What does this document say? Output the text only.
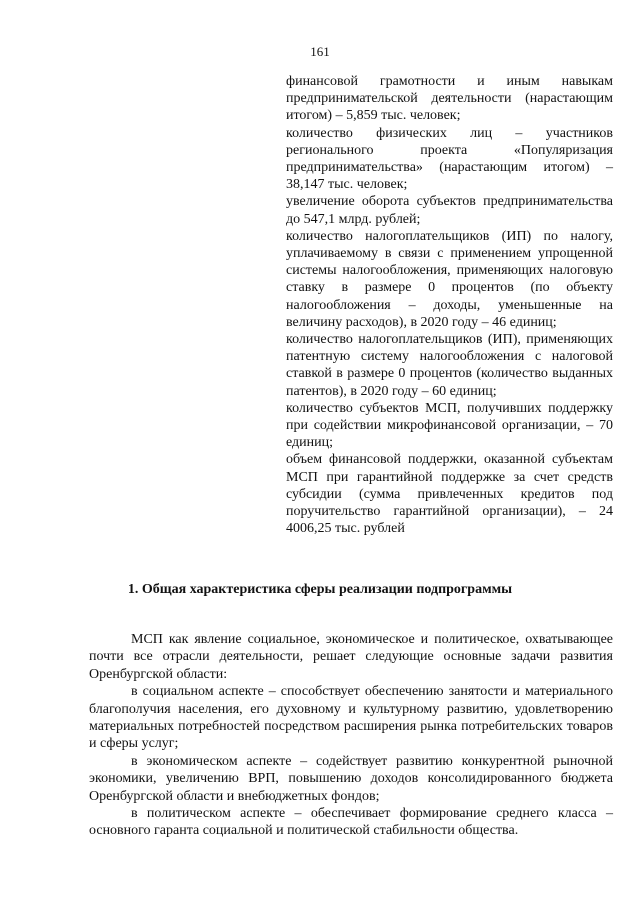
161

финансовой грамотности и иным навыкам предпринимательской деятельности (нарастающим итогом) – 5,859 тыс. человек;

количество физических лиц – участников регионального проекта «Популяризация предпринимательства» (нарастающим итогом) – 38,147 тыс. человек;

увеличение оборота субъектов предпринимательства до 547,1 млрд. рублей;

количество налогоплательщиков (ИП) по налогу, уплачиваемому в связи с применением упрощенной системы налогообложения, применяющих налоговую ставку в размере 0 процентов (по объекту налогообложения – доходы, уменьшенные на величину расходов), в 2020 году – 46 единиц;

количество налогоплательщиков (ИП), применяющих патентную систему налогообложения с налоговой ставкой в размере 0 процентов (количество выданных патентов), в 2020 году – 60 единиц;

количество субъектов МСП, получивших поддержку при содействии микрофинансовой организации, – 70 единиц;

объем финансовой поддержки, оказанной субъектам МСП при гарантийной поддержке за счет средств субсидии (сумма привлеченных кредитов под поручительство гарантийной организации), – 24 4006,25 тыс. рублей

1. Общая характеристика сферы реализации подпрограммы

МСП как явление социальное, экономическое и политическое, охватывающее почти все отрасли деятельности, решает следующие основные задачи развития Оренбургской области:

в социальном аспекте – способствует обеспечению занятости и материального благополучия населения, его духовному и культурному развитию, удовлетворению материальных потребностей посредством расширения рынка потребительских товаров и сферы услуг;

в экономическом аспекте – содействует развитию конкурентной рыночной экономики, увеличению ВРП, повышению доходов консолидированного бюджета Оренбургской области и внебюджетных фондов;

в политическом аспекте – обеспечивает формирование среднего класса – основного гаранта социальной и политической стабильности общества.
